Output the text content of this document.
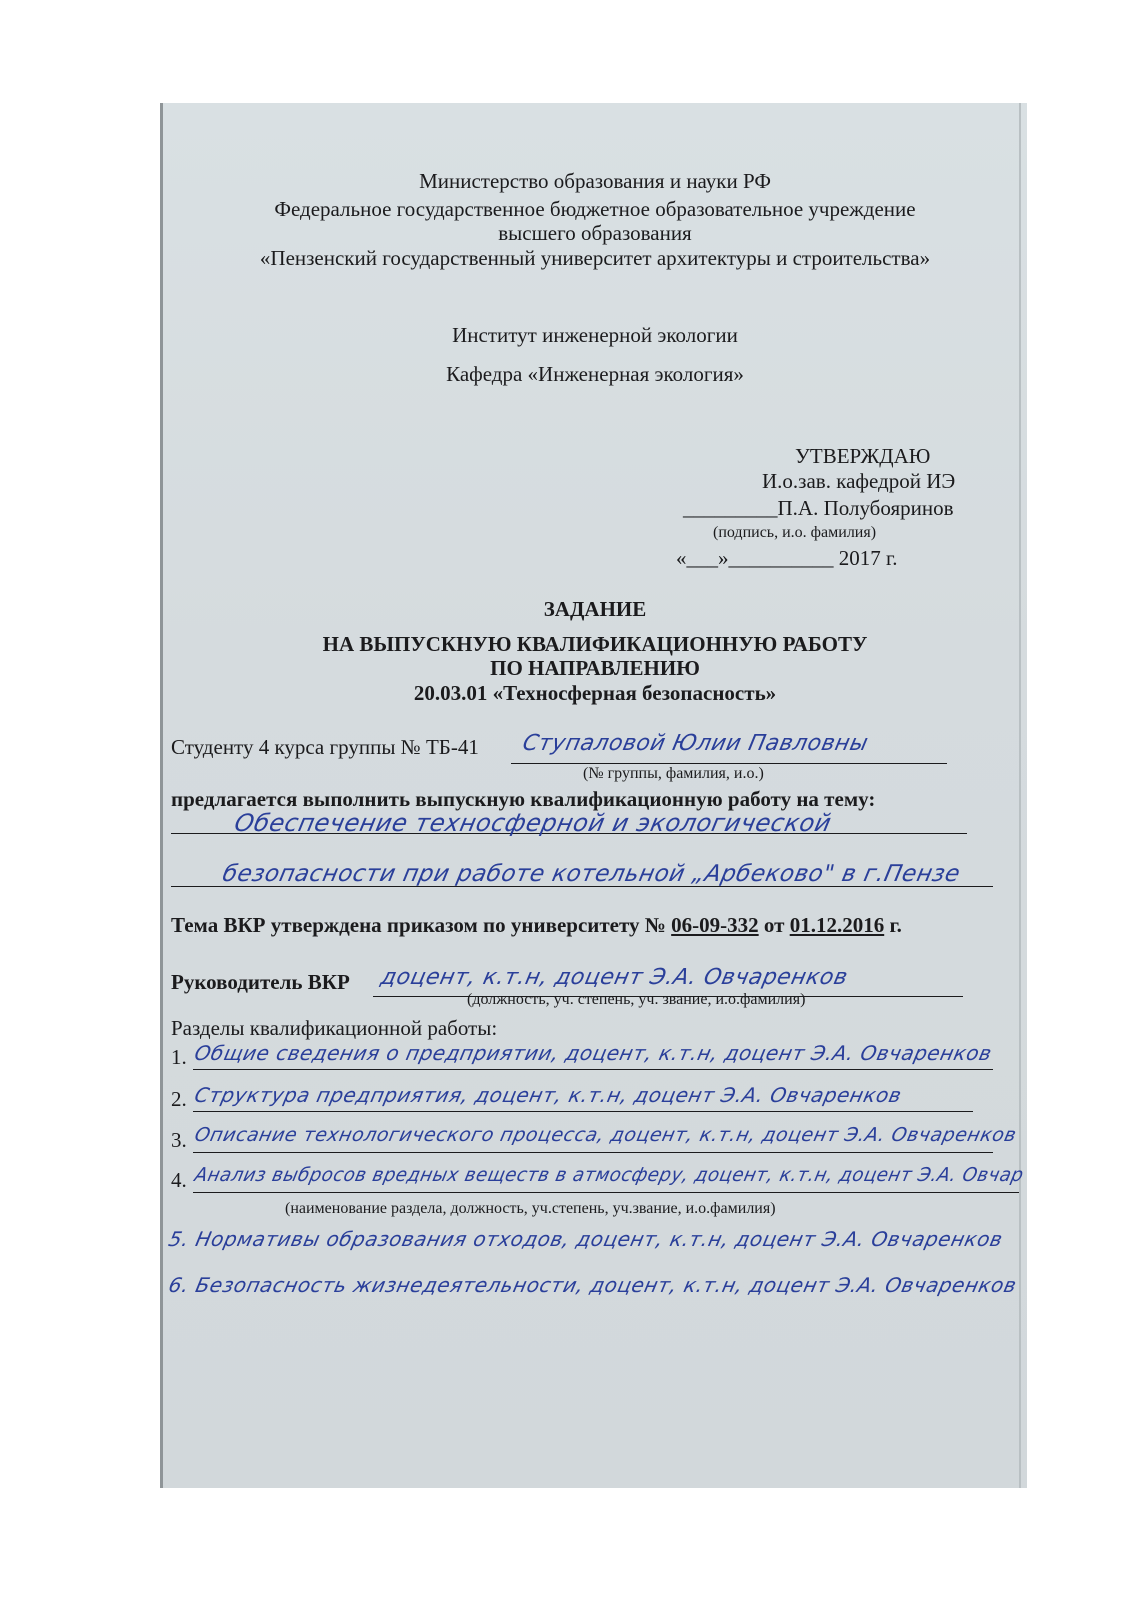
Министерство образования и науки РФ
Федеральное государственное бюджетное образовательное учреждение
высшего образования
«Пензенский государственный университет архитектуры и строительства»
Институт инженерной экологии
Кафедра «Инженерная экология»
УТВЕРЖДАЮ
И.о.зав. кафедрой ИЭ
_________П.А. Полубояринов
(подпись, и.о. фамилия)
«___»__________ 2017 г.
ЗАДАНИЕ
НА ВЫПУСКНУЮ КВАЛИФИКАЦИОННУЮ РАБОТУ
ПО НАПРАВЛЕНИЮ
20.03.01 «Техносферная безопасность»
Студенту 4 курса группы № ТБ-41 Ступаловой Юлии Павловны
(№ группы, фамилия, и.о.)
предлагается выполнить выпускную квалификационную работу на тему:
Обеспечение техносферной и экологической
безопасности при работе котельной „Арбеково" в г.Пензе
Тема ВКР утверждена приказом по университету № 06-09-332 от 01.12.2016 г.
Руководитель ВКР доцент, к.т.н, доцент Э.А. Овчаренков
(должность, уч. степень, уч. звание, и.о.фамилия)
Разделы квалификационной работы:
1. Общие сведения о предприятии, доцент, к.т.н, доцент Э.А. Овчаренков
2. Структура предприятия, доцент, к.т.н, доцент Э.А. Овчаренков
3. Описание технологического процесса, доцент, к.т.н, доцент Э.А. Овчаренков
4. Анализ выбросов вредных веществ в атмосферу, доцент, к.т.н, доцент Э.А. Овчар
(наименование раздела, должность, уч.степень, уч.звание, и.о.фамилия)
5. Нормативы образования отходов, доцент, к.т.н, доцент Э.А. Овчаренков
6. Безопасность жизнедеятельности, доцент, к.т.н, доцент Э.А. Овчаренков
